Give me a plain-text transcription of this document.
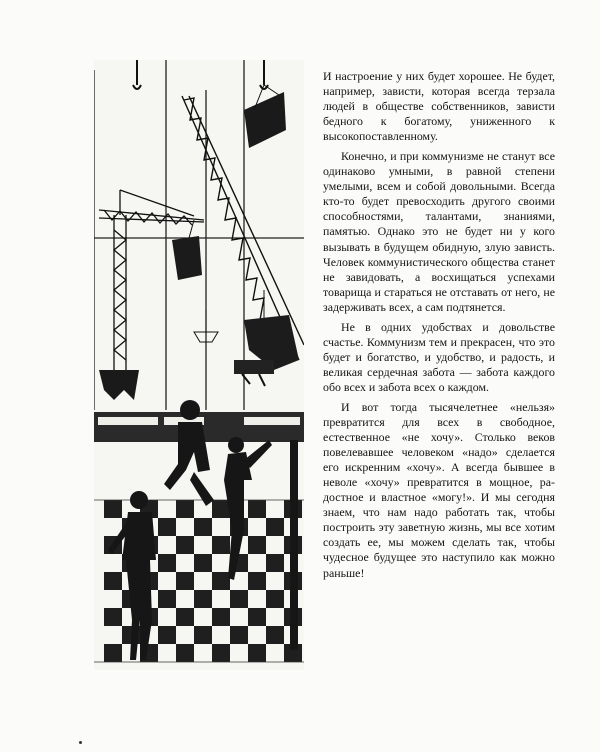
И настроение у них будет хорошее. Не будет, например, зависти, которая всегда терзала людей в обществе собственников, зависти бедного к богатому, униженного к высокопоставленному.

Конечно, и при коммунизме не станут все одинаково умными, в равной степени умелыми, всем и собой довольными. Всегда кто-то будет превосходить другого своими способностями, талантами, знаниями, памятью. Однако это не будет ни у кого вызывать в будущем обидную, злую зависть. Человек коммунистического общества станет не завидовать, а восхищаться успехами товарища и стараться не отставать от него, не задерживать всех, а сам подтянется.

Не в одних удобствах и довольстве счастье. Коммунизм тем и прекрасен, что это будет и богатство, и удобство, и радость, и великая сердечная забота — забота каждого обо всех и забота всех о каждом.

И вот тогда тысячелетнее «нельзя» превратится для всех в свободное, естественное «не хочу». Столько веков повелевавшее человеком «надо» сделается его искренним «хочу». А всегда бывшее в неволе «хочу» превратится в мощное, радостное и властное «могу!». И мы сегодня знаем, что нам надо работать так, чтобы построить эту заветную жизнь, мы все хотим создать ее, мы можем сделать так, чтобы чудесное будущее это наступило как можно раньше!
